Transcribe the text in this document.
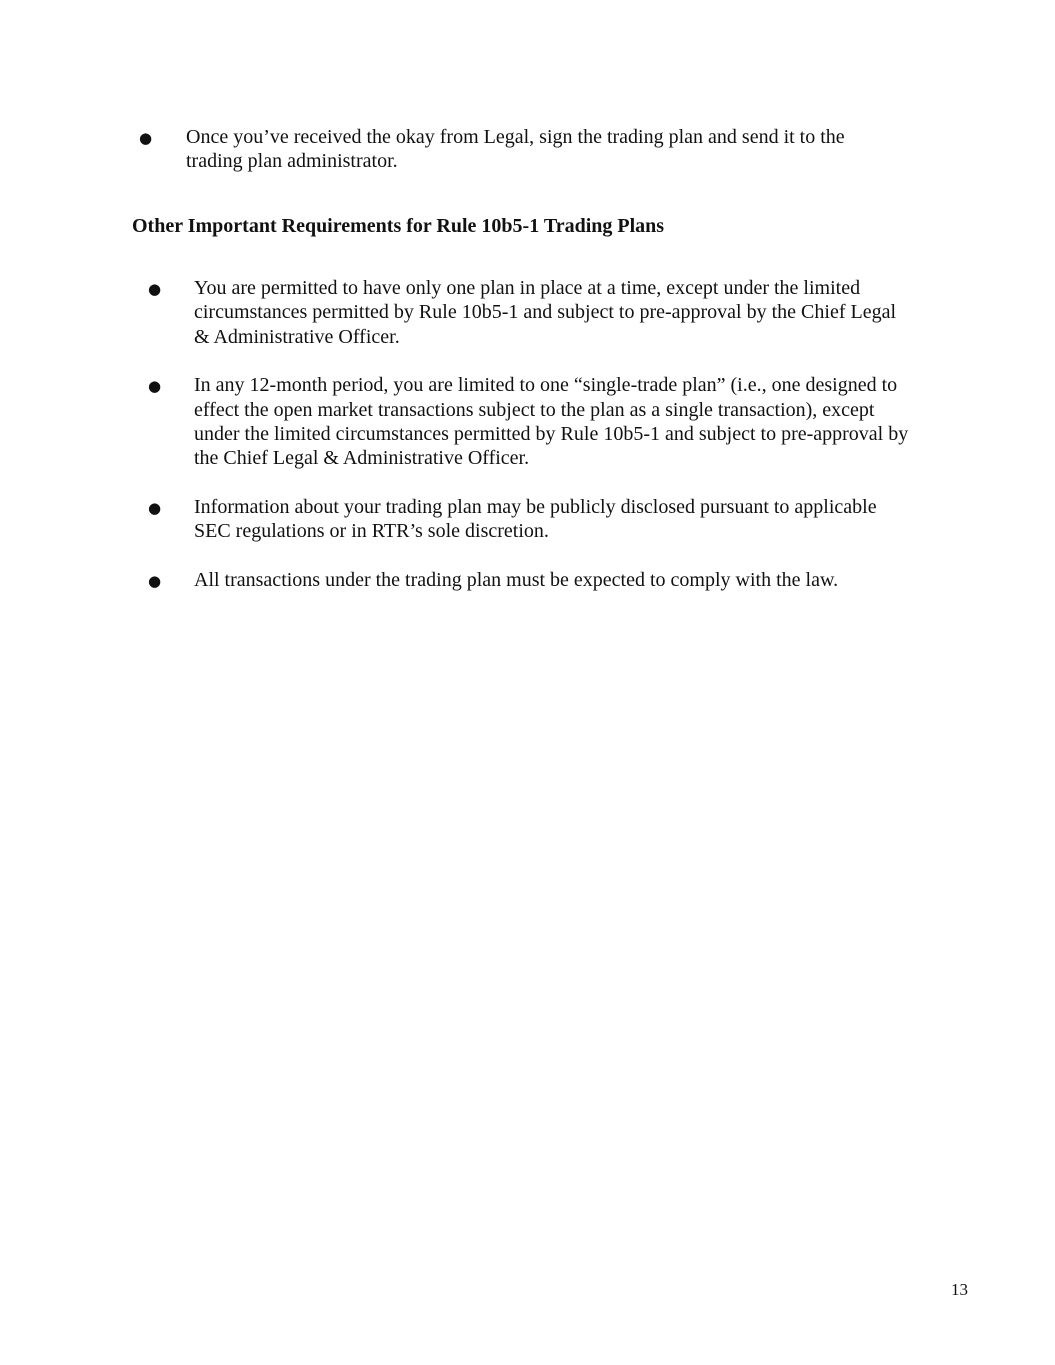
●	Once you’ve received the okay from Legal, sign the trading plan and send it to the trading plan administrator.
Other Important Requirements for Rule 10b5-1 Trading Plans
●	You are permitted to have only one plan in place at a time, except under the limited circumstances permitted by Rule 10b5-1 and subject to pre-approval by the Chief Legal & Administrative Officer.
●	In any 12-month period, you are limited to one “single-trade plan” (i.e., one designed to effect the open market transactions subject to the plan as a single transaction), except under the limited circumstances permitted by Rule 10b5-1 and subject to pre-approval by the Chief Legal & Administrative Officer.
●	Information about your trading plan may be publicly disclosed pursuant to applicable SEC regulations or in RTR’s sole discretion.
●	All transactions under the trading plan must be expected to comply with the law.
13
